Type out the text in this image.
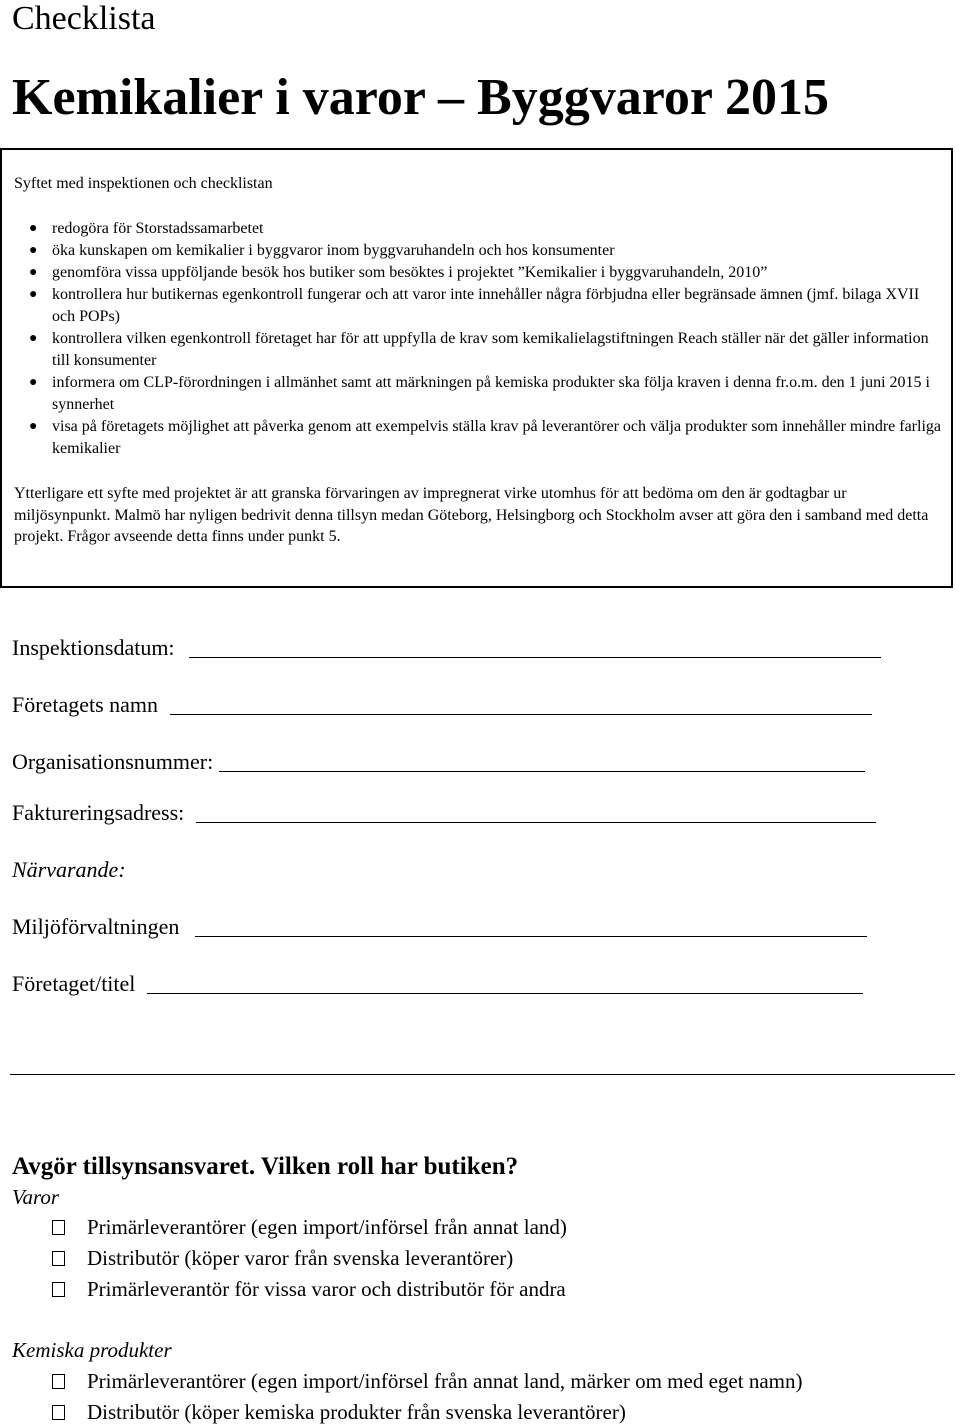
Checklista
Kemikalier i varor – Byggvaror 2015
Syftet med inspektionen och checklistan
● redogöra för Storstadssamarbetet
● öka kunskapen om kemikalier i byggvaror inom byggvaruhandeln och hos konsumenter
● genomföra vissa uppföljande besök hos butiker som besöktes i projektet ”Kemikalier i byggvaruhandeln, 2010”
● kontrollera hur butikernas egenkontroll fungerar och att varor inte innehåller några förbjudna eller begränsade ämnen (jmf. bilaga XVII och POPs)
● kontrollera vilken egenkontroll företaget har för att uppfylla de krav som kemikalielagstiftningen Reach ställer när det gäller information till konsumenter
● informera om CLP-förordningen i allmänhet samt att märkningen på kemiska produkter ska följa kraven i denna fr.o.m. den 1 juni 2015 i synnerhet
● visa på företagets möjlighet att påverka genom att exempelvis ställa krav på leverantörer och välja produkter som innehåller mindre farliga kemikalier
Ytterligare ett syfte med projektet är att granska förvaringen av impregnerat virke utomhus för att bedöma om den är godtagbar ur miljösynpunkt. Malmö har nyligen bedrivit denna tillsyn medan Göteborg, Helsingborg och Stockholm avser att göra den i samband med detta projekt. Frågor avseende detta finns under punkt 5.
Inspektionsdatum:
Företagets namn
Organisationsnummer:
Faktureringsadress:
Närvarande:
Miljöförvaltningen
Företaget/titel
Avgör tillsynsansvaret. Vilken roll har butiken?
Varor
Primärleverantörer (egen import/införsel från annat land)
Distributör (köper varor från svenska leverantörer)
Primärleverantör för vissa varor och distributör för andra
Kemiska produkter
Primärleverantörer (egen import/införsel från annat land, märker om med eget namn)
Distributör (köper kemiska produkter från svenska leverantörer)
